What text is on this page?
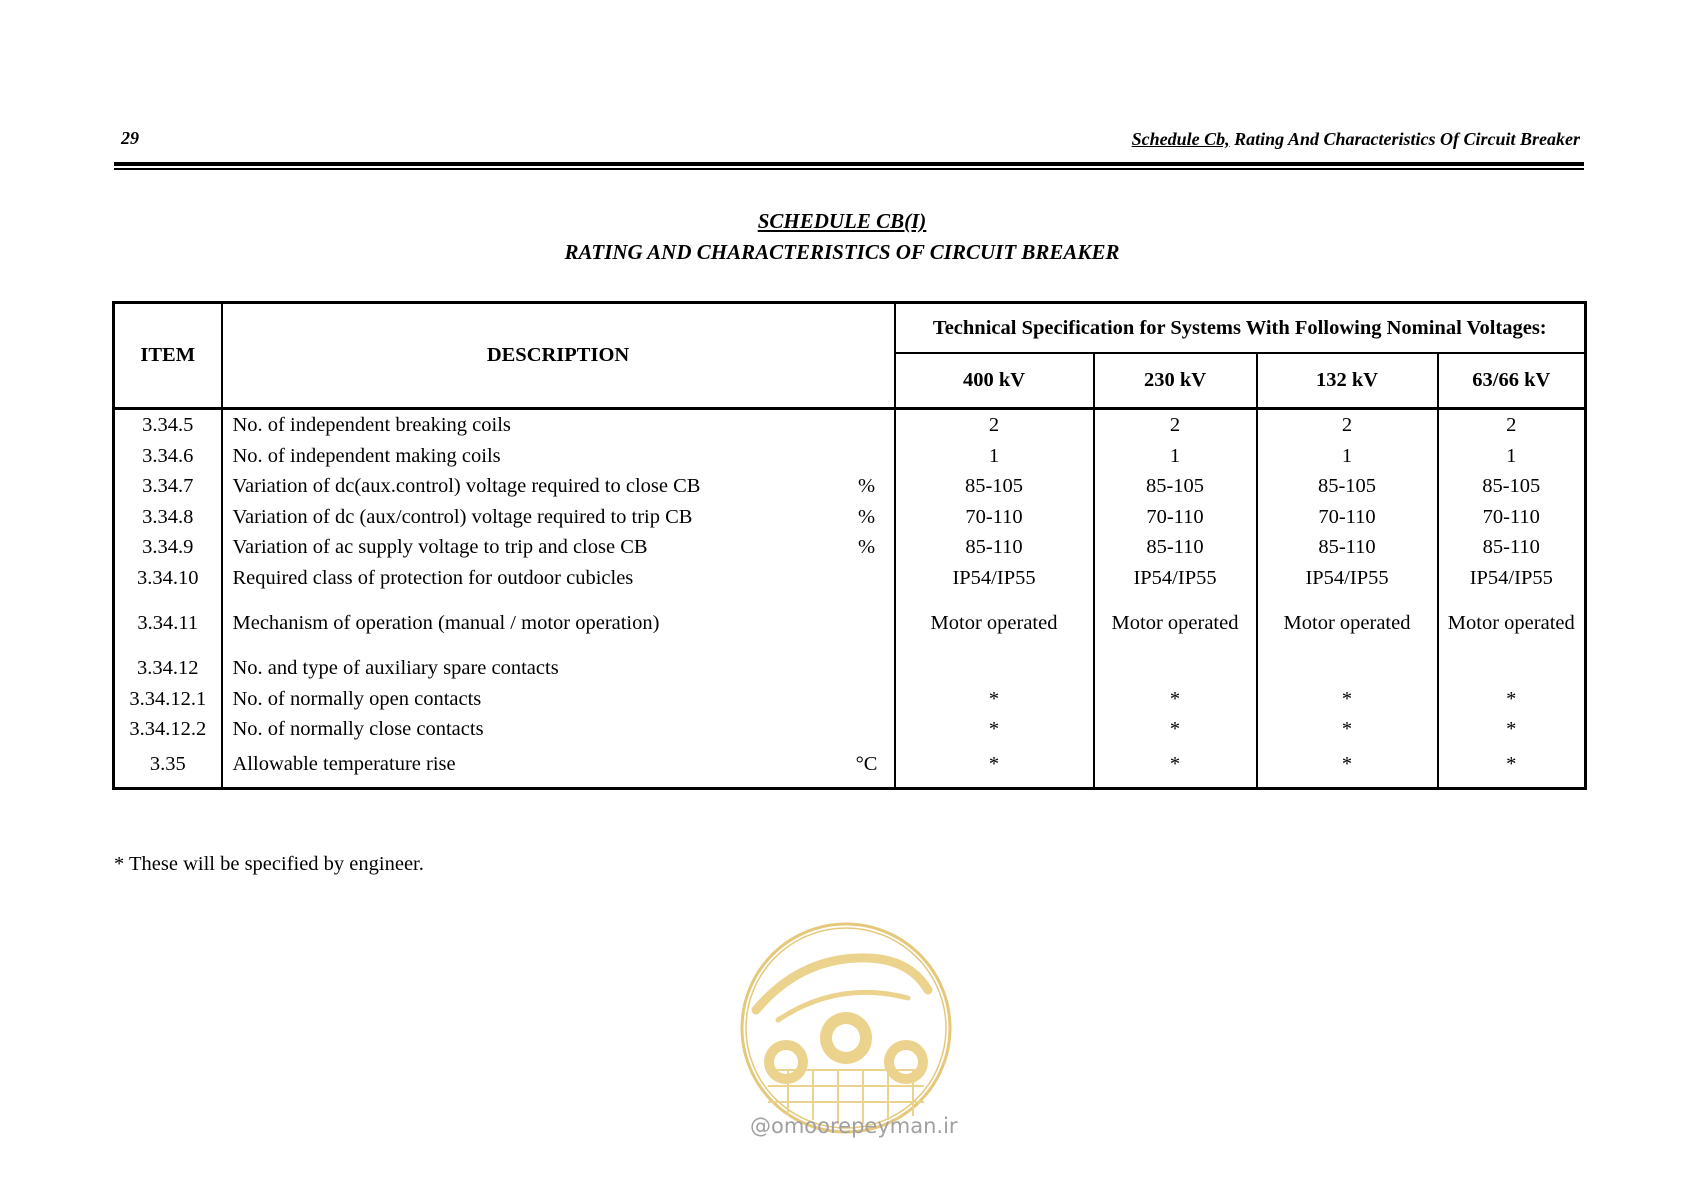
29	Schedule Cb, Rating And Characteristics Of Circuit Breaker
SCHEDULE CB(I)
RATING AND CHARACTERISTICS OF CIRCUIT BREAKER
ITEM	DESCRIPTION		Technical Specification for Systems With Following Nominal Voltages:			
			400 kV	230 kV	132 kV	63/66 kV
3.34.5	No. of independent breaking coils		2	2	2	2
3.34.6	No. of independent making coils		1	1	1	1
3.34.7	Variation of dc(aux.control) voltage required to close CB	%	85-105	85-105	85-105	85-105
3.34.8	Variation of dc (aux/control) voltage required to trip CB	%	70-110	70-110	70-110	70-110
3.34.9	Variation of ac supply voltage to trip and close CB	%	85-110	85-110	85-110	85-110
3.34.10	Required class of protection for outdoor cubicles		IP54/IP55	IP54/IP55	IP54/IP55	IP54/IP55
3.34.11	Mechanism of operation (manual / motor operation)		Motor operated	Motor operated	Motor operated	Motor operated
3.34.12	No. and type of auxiliary spare contacts					
3.34.12.1	No. of normally open contacts		*	*	*	*
3.34.12.2	No. of normally close contacts		*	*	*	*
3.35	Allowable temperature rise	°C	*	*	*	*
* These will be specified by engineer.
@omoorepeyman.ir
